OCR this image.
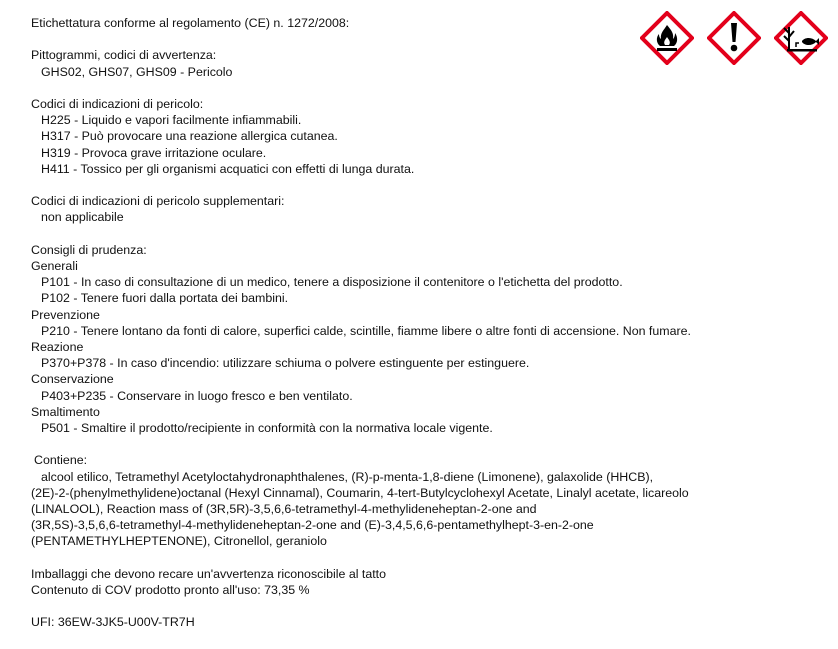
Etichettatura conforme al regolamento (CE) n. 1272/2008:
Pittogrammi, codici di avvertenza:
GHS02, GHS07, GHS09 - Pericolo
Codici di indicazioni di pericolo:
H225 - Liquido e vapori facilmente infiammabili.
H317 - Può provocare una reazione allergica cutanea.
H319 - Provoca grave irritazione oculare.
H411 - Tossico per gli organismi acquatici con effetti di lunga durata.
Codici di indicazioni di pericolo supplementari:
non applicabile
Consigli di prudenza:
Generali
P101 - In caso di consultazione di un medico, tenere a disposizione il contenitore o l'etichetta del prodotto.
P102 - Tenere fuori dalla portata dei bambini.
Prevenzione
P210 - Tenere lontano da fonti di calore, superfici calde, scintille, fiamme libere o altre fonti di accensione. Non fumare.
Reazione
P370+P378 - In caso d'incendio: utilizzare schiuma o polvere estinguente per estinguere.
Conservazione
P403+P235 - Conservare in luogo fresco e ben ventilato.
Smaltimento
P501 - Smaltire il prodotto/recipiente in conformità con la normativa locale vigente.
Contiene:
alcool etilico, Tetramethyl Acetyloctahydronaphthalenes, (R)-p-menta-1,8-diene (Limonene), galaxolide (HHCB),
(2E)-2-(phenylmethylidene)octanal (Hexyl Cinnamal), Coumarin, 4-tert-Butylcyclohexyl Acetate, Linalyl acetate, licareolo
(LINALOOL), Reaction mass of (3R,5R)-3,5,6,6-tetramethyl-4-methylideneheptan-2-one and
(3R,5S)-3,5,6,6-tetramethyl-4-methylideneheptan-2-one and (E)-3,4,5,6,6-pentamethylhept-3-en-2-one
(PENTAMETHYLHEPTENONE), Citronellol, geraniolo
Imballaggi che devono recare un'avvertenza riconoscibile al tatto
Contenuto di COV prodotto pronto all'uso: 73,35 %
UFI: 36EW-3JK5-U00V-TR7H
